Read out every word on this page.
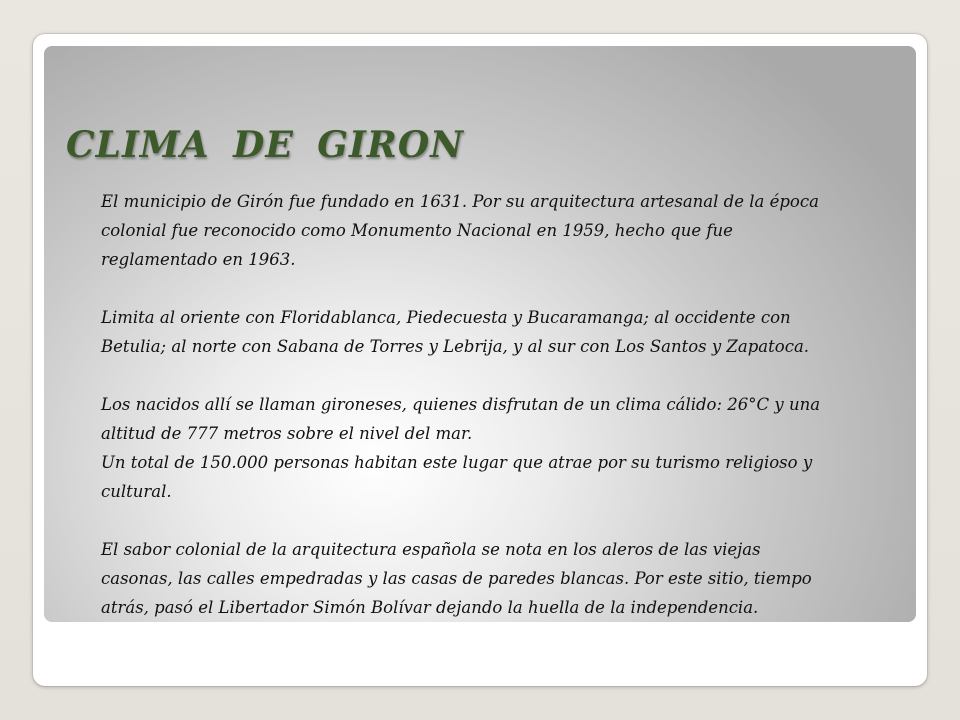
CLIMA DE GIRON

El municipio de Girón fue fundado en 1631. Por su arquitectura artesanal de la época colonial fue reconocido como Monumento Nacional en 1959, hecho que fue reglamentado en 1963.

Limita al oriente con Floridablanca, Piedecuesta y Bucaramanga; al occidente con Betulia; al norte con Sabana de Torres y Lebrija, y al sur con Los Santos y Zapatoca.

Los nacidos allí se llaman gironeses, quienes disfrutan de un clima cálido: 26°C y una altitud de 777 metros sobre el nivel del mar.

Un total de 150.000 personas habitan este lugar que atrae por su turismo religioso y cultural.

El sabor colonial de la arquitectura española se nota en los aleros de las viejas casonas, las calles empedradas y las casas de paredes blancas. Por este sitio, tiempo atrás, pasó el Libertador Simón Bolívar dejando la huella de la independencia.
